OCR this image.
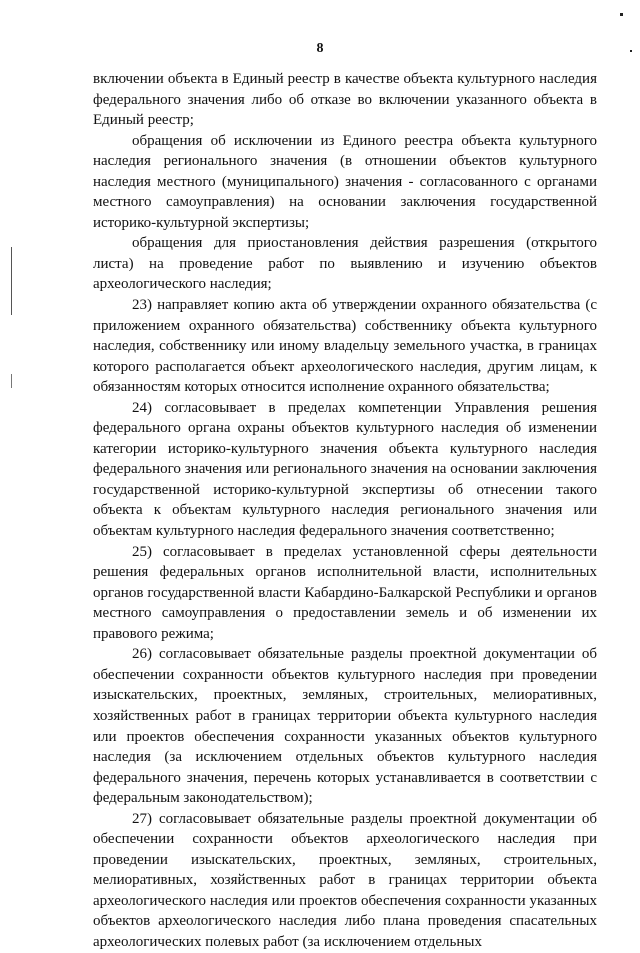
8

включении объекта в Единый реестр в качестве объекта культурного наследия федерального значения либо об отказе во включении указанного объекта в Единый реестр;

обращения об исключении из Единого реестра объекта культурного наследия регионального значения (в отношении объектов культурного наследия местного (муниципального) значения - согласованного с органами местного самоуправления) на основании заключения государственной историко-культурной экспертизы;

обращения для приостановления действия разрешения (открытого листа) на проведение работ по выявлению и изучению объектов археологического наследия;

23) направляет копию акта об утверждении охранного обязательства (с приложением охранного обязательства) собственнику объекта культурного наследия, собственнику или иному владельцу земельного участка, в границах которого располагается объект археологического наследия, другим лицам, к обязанностям которых относится исполнение охранного обязательства;

24) согласовывает в пределах компетенции Управления решения федерального органа охраны объектов культурного наследия об изменении категории историко-культурного значения объекта культурного наследия федерального значения или регионального значения на основании заключения государственной историко-культурной экспертизы об отнесении такого объекта к объектам культурного наследия регионального значения или объектам культурного наследия федерального значения соответственно;

25) согласовывает в пределах установленной сферы деятельности решения федеральных органов исполнительной власти, исполнительных органов государственной власти Кабардино-Балкарской Республики и органов местного самоуправления о предоставлении земель и об изменении их правового режима;

26) согласовывает обязательные разделы проектной документации об обеспечении сохранности объектов культурного наследия при проведении изыскательских, проектных, земляных, строительных, мелиоративных, хозяйственных работ в границах территории объекта культурного наследия или проектов обеспечения сохранности указанных объектов культурного наследия (за исключением отдельных объектов культурного наследия федерального значения, перечень которых устанавливается в соответствии с федеральным законодательством);

27) согласовывает обязательные разделы проектной документации об обеспечении сохранности объектов археологического наследия при проведении изыскательских, проектных, земляных, строительных, мелиоративных, хозяйственных работ в границах территории объекта археологического наследия или проектов обеспечения сохранности указанных объектов археологического наследия либо плана проведения спасательных археологических полевых работ (за исключением отдельных
